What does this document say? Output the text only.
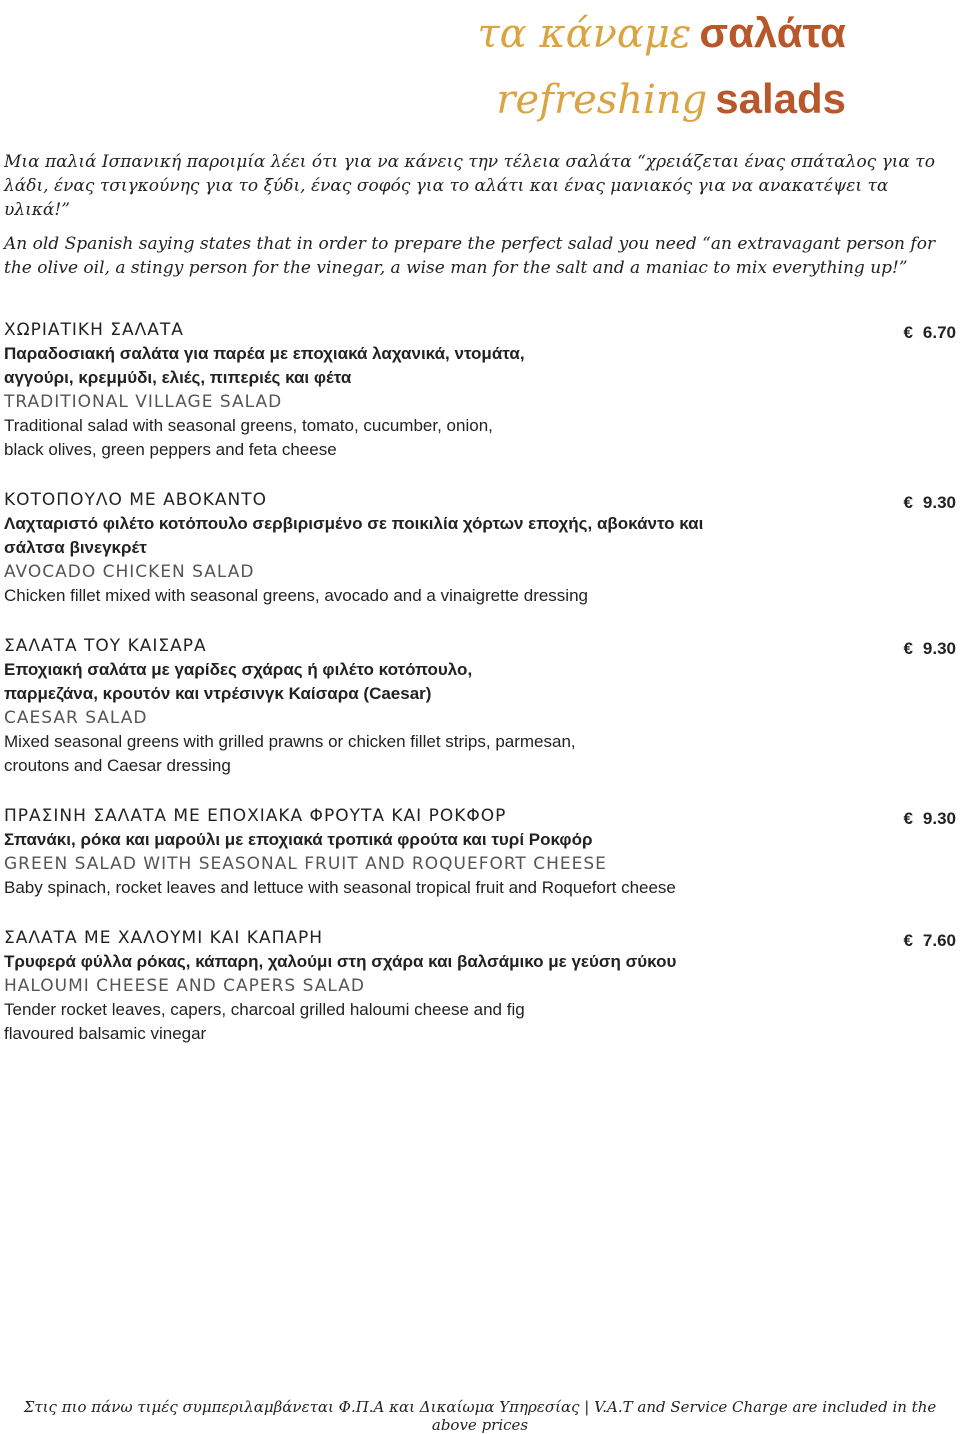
τα κάναμε σαλάτα
refreshing salads

Μια παλιά Ισπανική παροιμία λέει ότι για να κάνεις την τέλεια σαλάτα “χρειάζεται ένας σπάταλος για το λάδι, ένας τσιγκούνης για το ξύδι, ένας σοφός για το αλάτι και ένας μανιακός για να ανακατέψει τα υλικά!”

An old Spanish saying states that in order to prepare the perfect salad you need “an extravagant person for the olive oil, a stingy person for the vinegar, a wise man for the salt and a maniac to mix everything up!”

ΧΩΡΙΑΤΙΚΗ ΣΑΛΑΤΑ
Παραδοσιακή σαλάτα για παρέα με εποχιακά λαχανικά, ντομάτα, αγγούρι, κρεμμύδι, ελιές, πιπεριές και φέτα
TRADITIONAL VILLAGE SALAD
Traditional salad with seasonal greens, tomato, cucumber, onion, black olives, green peppers and feta cheese
€ 6.70
ΚΟΤΟΠΟΥΛΟ ΜΕ ΑΒΟΚΑΝΤΟ
Λαχταριστό φιλέτο κοτόπουλο σερβιρισμένο σε ποικιλία χόρτων εποχής, αβοκάντο και σάλτσα βινεγκρέτ
AVOCADO CHICKEN SALAD
Chicken fillet mixed with seasonal greens, avocado and a vinaigrette dressing
€ 9.30
ΣΑΛΑΤΑ ΤΟΥ ΚΑΙΣΑΡΑ
Εποχιακή σαλάτα με γαρίδες σχάρας ή φιλέτο κοτόπουλο, παρμεζάνα, κρουτόν και ντρέσινγκ Καίσαρα (Caesar)
CAESAR SALAD
Mixed seasonal greens with grilled prawns or chicken fillet strips, parmesan, croutons and Caesar dressing
€ 9.30
ΠΡΑΣΙΝΗ ΣΑΛΑΤΑ ΜΕ ΕΠΟΧΙΑΚΑ ΦΡΟΥΤΑ ΚΑΙ ΡΟΚΦΟΡ
Σπανάκι, ρόκα και μαρούλι με εποχιακά τροπικά φρούτα και τυρί Ροκφόρ
GREEN SALAD WITH SEASONAL FRUIT AND ROQUEFORT CHEESE
Baby spinach, rocket leaves and lettuce with seasonal tropical fruit and Roquefort cheese
€ 9.30
ΣΑΛΑΤΑ ΜΕ ΧΑΛΟΥΜΙ ΚΑΙ ΚΑΠΑΡΗ
Τρυφερά φύλλα ρόκας, κάπαρη, χαλούμι στη σχάρα και βαλσάμικο με γεύση σύκου
HALOUMI CHEESE AND CAPERS SALAD
Tender rocket leaves, capers, charcoal grilled haloumi cheese and fig flavoured balsamic vinegar
€ 7.60
Στις πιο πάνω τιμές συμπεριλαμβάνεται Φ.Π.Α και Δικαίωμα Υπηρεσίας | V.A.T and Service Charge are included in the above prices
